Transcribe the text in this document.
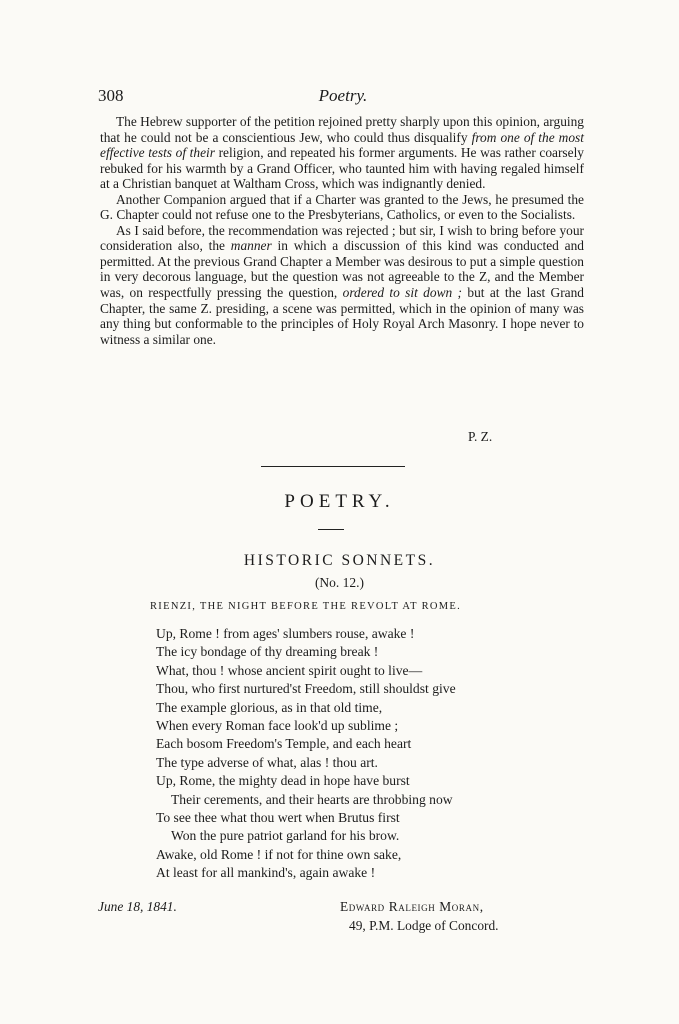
308	Poetry.

The Hebrew supporter of the petition rejoined pretty sharply upon this opinion, arguing that he could not be a conscientious Jew, who could thus disqualify from one of the most effective tests of their religion, and repeated his former arguments. He was rather coarsely rebuked for his warmth by a Grand Officer, who taunted him with having regaled himself at a Christian banquet at Waltham Cross, which was indignantly denied.

Another Companion argued that if a Charter was granted to the Jews, he presumed the G. Chapter could not refuse one to the Presbyterians, Catholics, or even to the Socialists.

As I said before, the recommendation was rejected ; but sir, I wish to bring before your consideration also, the manner in which a discussion of this kind was conducted and permitted. At the previous Grand Chapter a Member was desirous to put a simple question in very decorous language, but the question was not agreeable to the Z, and the Member was, on respectfully pressing the question, ordered to sit down ; but at the last Grand Chapter, the same Z. presiding, a scene was permitted, which in the opinion of many was any thing but conformable to the principles of Holy Royal Arch Masonry. I hope never to witness a similar one.

P. Z.
POETRY.
HISTORIC SONNETS.
(No. 12.)
RIENZI, THE NIGHT BEFORE THE REVOLT AT ROME.
Up, Rome ! from ages' slumbers rouse, awake !
The icy bondage of thy dreaming break !
What, thou ! whose ancient spirit ought to live—
Thou, who first nurtured'st Freedom, still shouldst give
The example glorious, as in that old time,
When every Roman face look'd up sublime ;
Each bosom Freedom's Temple, and each heart
The type adverse of what, alas ! thou art.
Up, Rome, the mighty dead in hope have burst
Their cerements, and their hearts are throbbing now
To see thee what thou wert when Brutus first
Won the pure patriot garland for his brow.
Awake, old Rome ! if not for thine own sake,
At least for all mankind's, again awake !
June 18, 1841.	Edward Raleigh Moran,
49, P.M. Lodge of Concord.
